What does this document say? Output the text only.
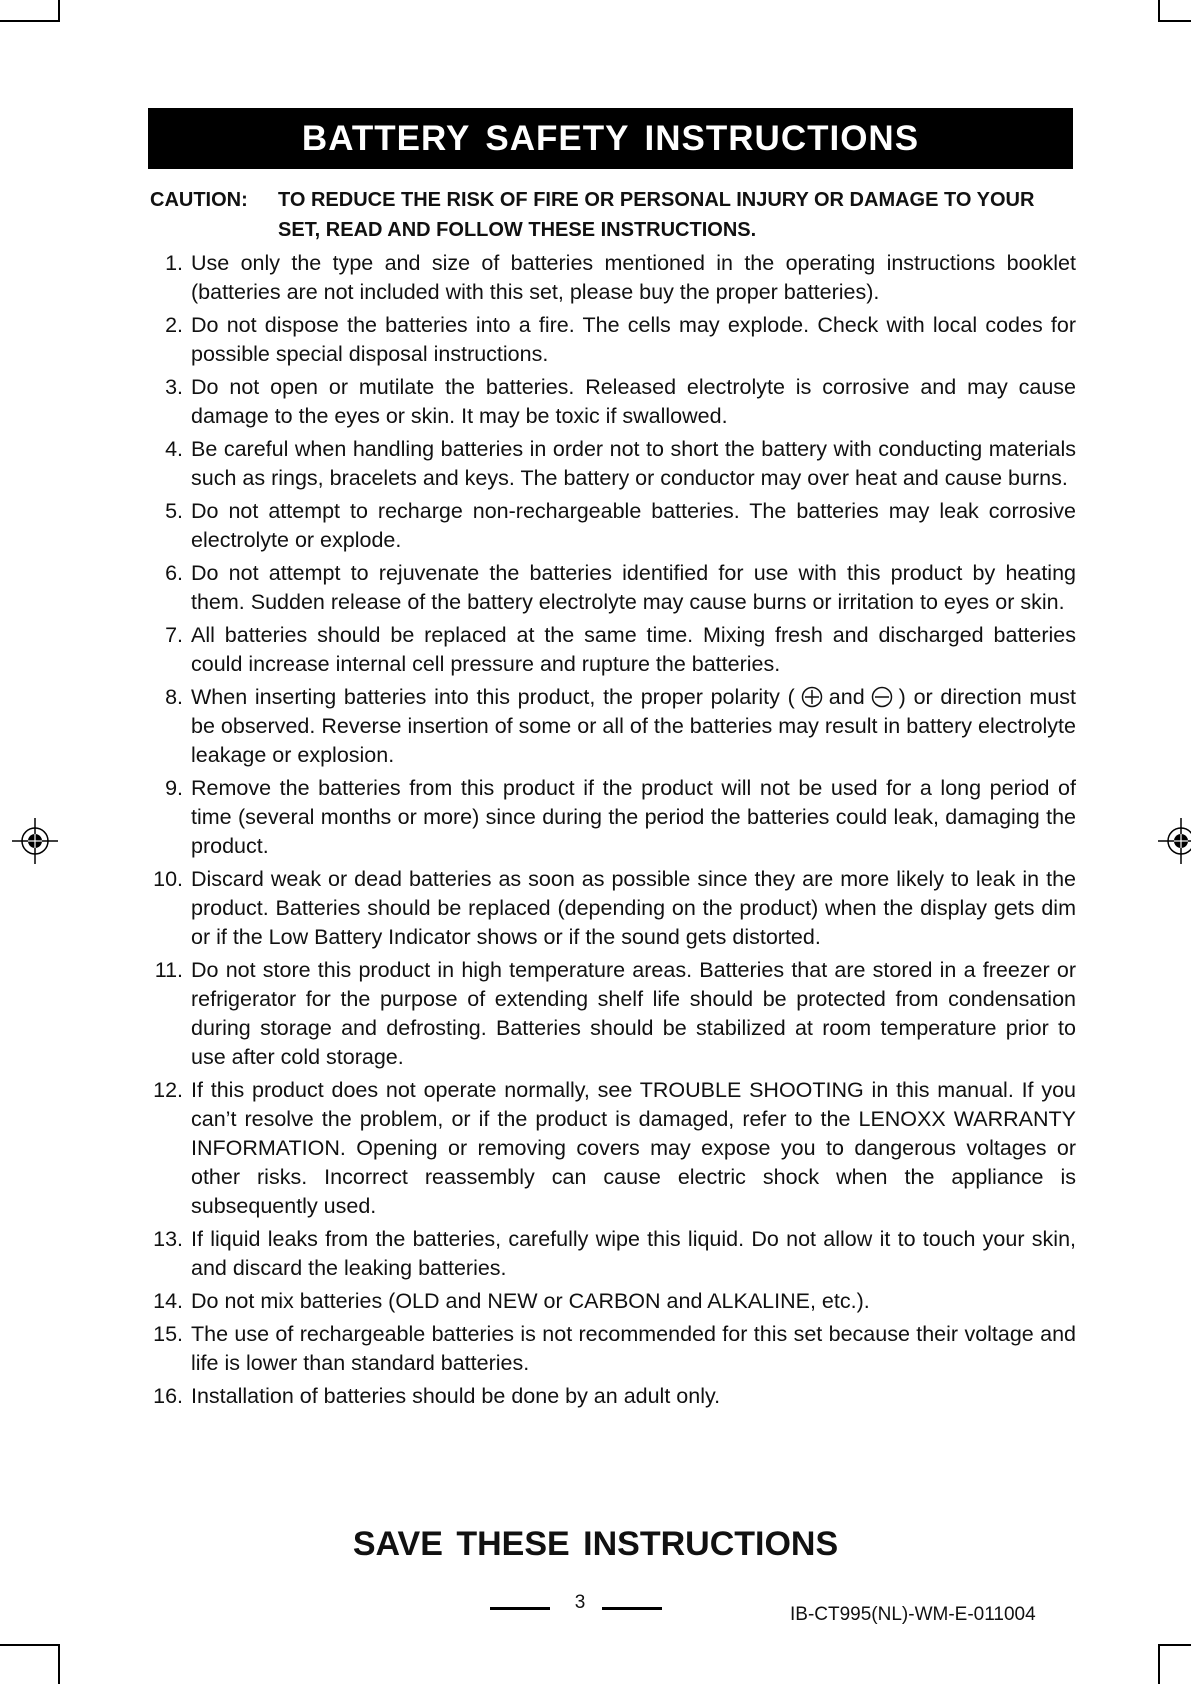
BATTERY SAFETY INSTRUCTIONS
CAUTION: TO REDUCE THE RISK OF FIRE OR PERSONAL INJURY OR DAMAGE TO YOUR SET, READ AND FOLLOW THESE INSTRUCTIONS.
1. Use only the type and size of batteries mentioned in the operating instructions booklet (batteries are not included with this set, please buy the proper batteries).
2. Do not dispose the batteries into a fire. The cells may explode. Check with local codes for possible special disposal instructions.
3. Do not open or mutilate the batteries. Released electrolyte is corrosive and may cause damage to the eyes or skin. It may be toxic if swallowed.
4. Be careful when handling batteries in order not to short the battery with conducting materials such as rings, bracelets and keys. The battery or conductor may over heat and cause burns.
5. Do not attempt to recharge non-rechargeable batteries. The batteries may leak corrosive electrolyte or explode.
6. Do not attempt to rejuvenate the batteries identified for use with this product by heating them. Sudden release of the battery electrolyte may cause burns or irritation to eyes or skin.
7. All batteries should be replaced at the same time. Mixing fresh and discharged batteries could increase internal cell pressure and rupture the batteries.
8. When inserting batteries into this product, the proper polarity ( and ) or direction must be observed. Reverse insertion of some or all of the batteries may result in battery electrolyte leakage or explosion.
9. Remove the batteries from this product if the product will not be used for a long period of time (several months or more) since during the period the batteries could leak, damaging the product.
10. Discard weak or dead batteries as soon as possible since they are more likely to leak in the product. Batteries should be replaced (depending on the product) when the display gets dim or if the Low Battery Indicator shows or if the sound gets distorted.
11. Do not store this product in high temperature areas. Batteries that are stored in a freezer or refrigerator for the purpose of extending shelf life should be protected from condensation during storage and defrosting. Batteries should be stabilized at room temperature prior to use after cold storage.
12. If this product does not operate normally, see TROUBLE SHOOTING in this manual. If you can’t resolve the problem, or if the product is damaged, refer to the LENOXX WARRANTY INFORMATION. Opening or removing covers may expose you to dangerous voltages or other risks. Incorrect reassembly can cause electric shock when the appliance is subsequently used.
13. If liquid leaks from the batteries, carefully wipe this liquid. Do not allow it to touch your skin, and discard the leaking batteries.
14. Do not mix batteries (OLD and NEW or CARBON and ALKALINE, etc.).
15. The use of rechargeable batteries is not recommended for this set because their voltage and life is lower than standard batteries.
16. Installation of batteries should be done by an adult only.
SAVE THESE INSTRUCTIONS
3
IB-CT995(NL)-WM-E-011004
